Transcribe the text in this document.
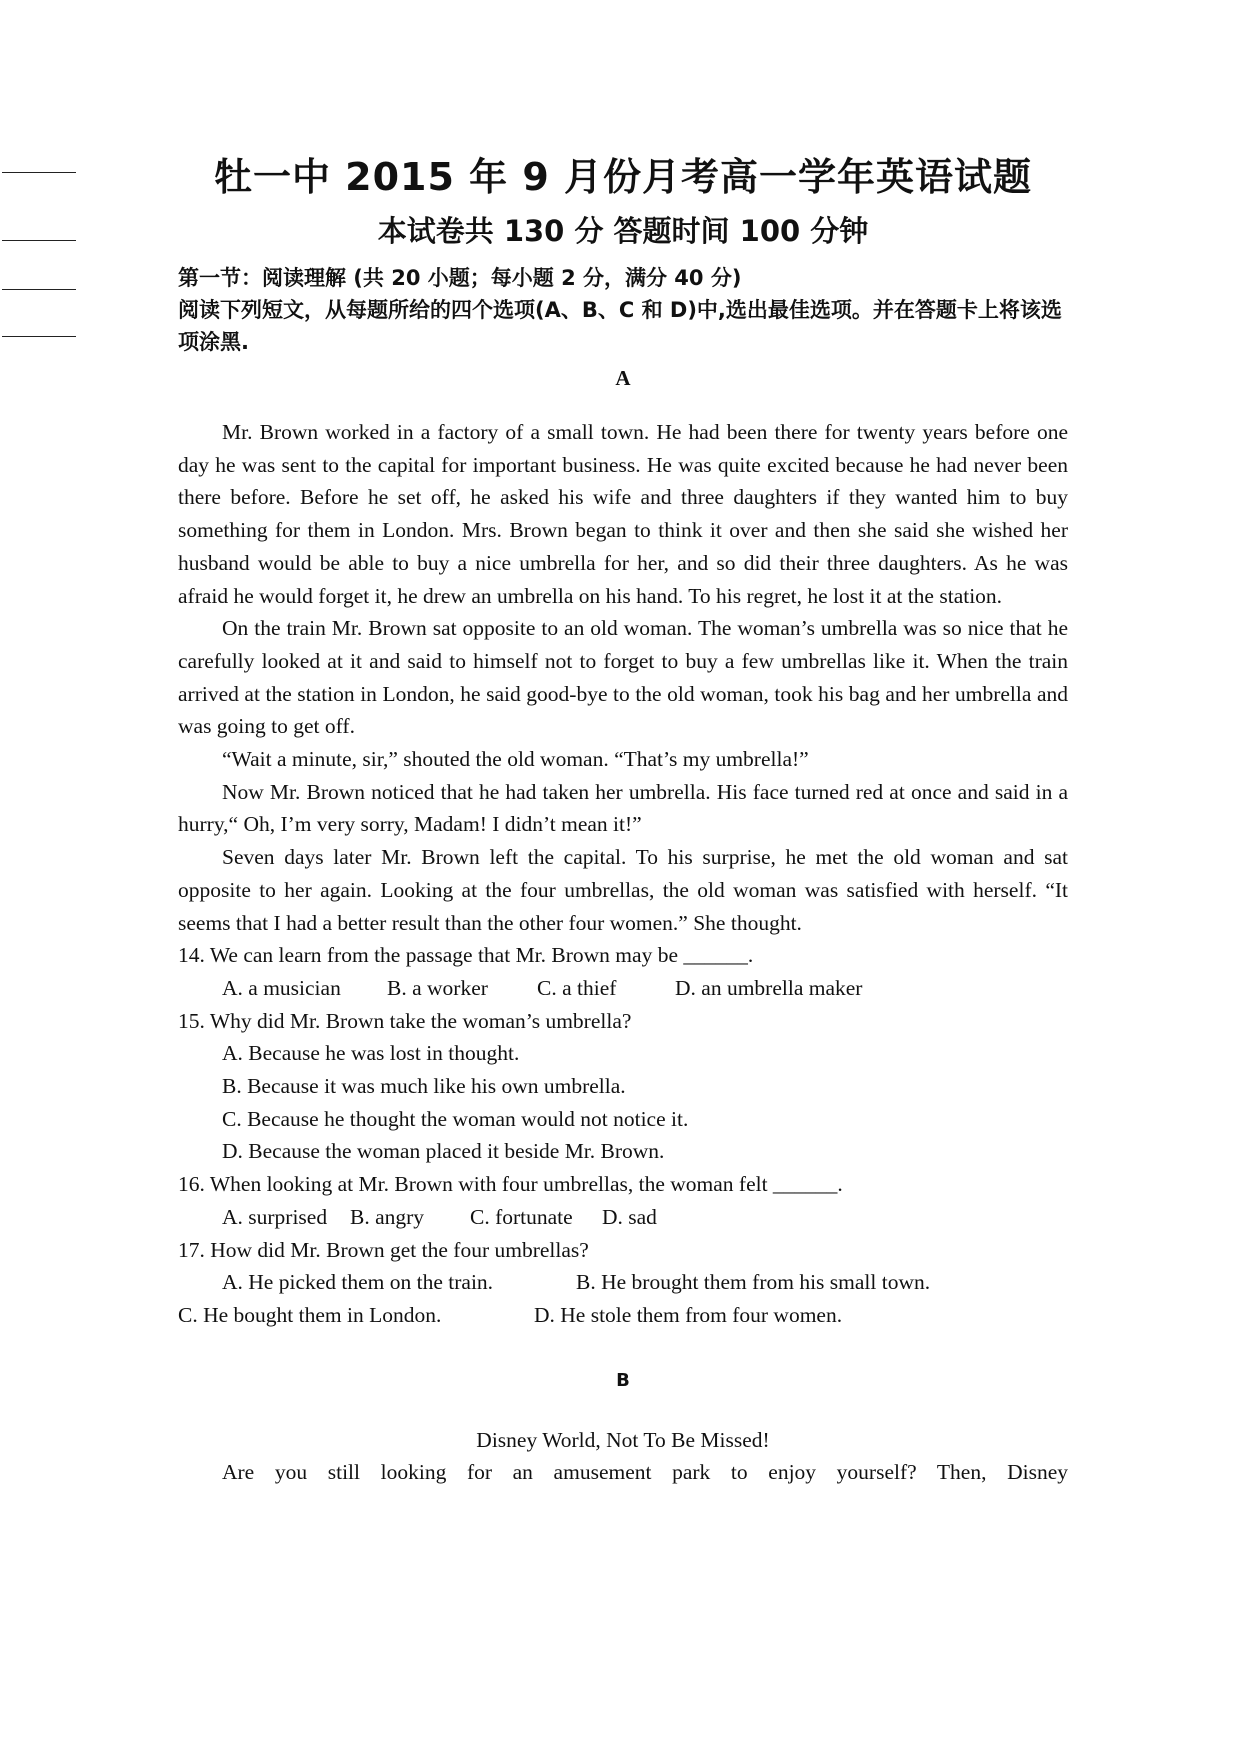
牡一中 2015 年 9 月份月考高一学年英语试题
本试卷共 130 分 答题时间 100 分钟
第一节：阅读理解 (共 20 小题；每小题 2 分，满分 40 分)
阅读下列短文，从每题所给的四个选项(A、B、C 和 D)中,选出最佳选项。并在答题卡上将该选项涂黑.
A

Mr. Brown worked in a factory of a small town. He had been there for twenty years before one day he was sent to the capital for important business. He was quite excited because he had never been there before. Before he set off, he asked his wife and three daughters if they wanted him to buy something for them in London. Mrs. Brown began to think it over and then she said she wished her husband would be able to buy a nice umbrella for her, and so did their three daughters. As he was afraid he would forget it, he drew an umbrella on his hand. To his regret, he lost it at the station.

On the train Mr. Brown sat opposite to an old woman. The woman’s umbrella was so nice that he carefully looked at it and said to himself not to forget to buy a few umbrellas like it. When the train arrived at the station in London, he said good-bye to the old woman, took his bag and her umbrella and was going to get off.

“Wait a minute, sir,” shouted the old woman. “That’s my umbrella!”

Now Mr. Brown noticed that he had taken her umbrella. His face turned red at once and said in a hurry,“ Oh, I’m very sorry, Madam! I didn’t mean it!”

Seven days later Mr. Brown left the capital. To his surprise, he met the old woman and sat opposite to her again. Looking at the four umbrellas, the old woman was satisfied with herself. “It seems that I had a better result than the other four women.” She thought.

14. We can learn from the passage that Mr. Brown may be ______.
A. a musician	B. a worker	C. a thief	D. an umbrella maker
15. Why did Mr. Brown take the woman’s umbrella?
A. Because he was lost in thought.
B. Because it was much like his own umbrella.
C. Because he thought the woman would not notice it.
D. Because the woman placed it beside Mr. Brown.
16. When looking at Mr. Brown with four umbrellas, the woman felt ______.
A. surprised	B. angry	C. fortunate	D. sad
17. How did Mr. Brown get the four umbrellas?
A. He picked them on the train.	B. He brought them from his small town.
C. He bought them in London.	D. He stole them from four women.
B
Disney World, Not To Be Missed!

Are you still looking for an amusement park to enjoy yourself? Then, Disney
